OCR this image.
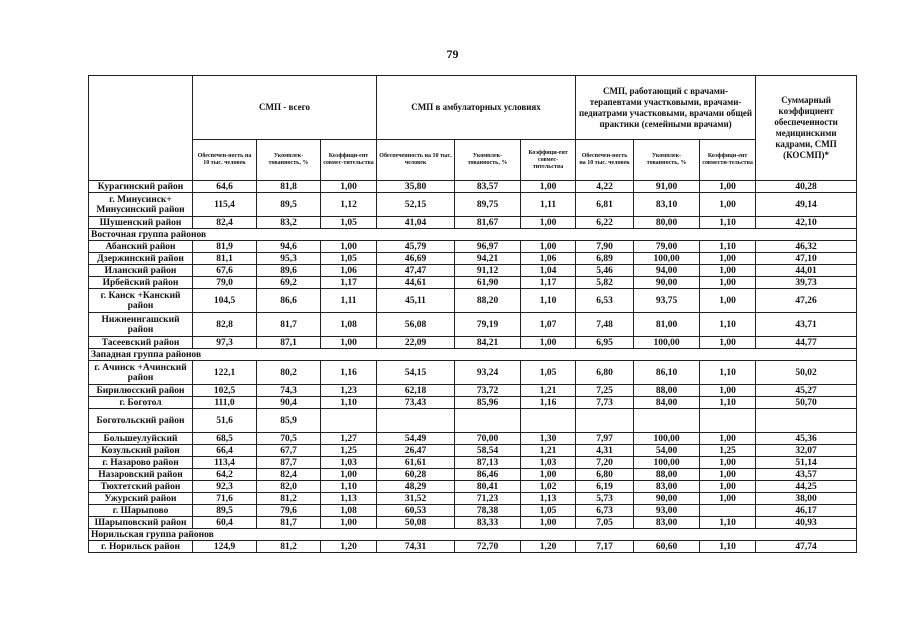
79
	СМП - всего			СМП в амбулаторных условиях			СМП, работающий с врачами-терапевтами участковыми, врачами-педиатрами участковыми, врачами общей практики (семейными врачами)			Суммарный коэффициент обеспеченности медицинскими кадрами, СМП (КОСМП)*
	Обеспечен-ность на 10 тыс. человек	Укомплек-тованность, %	Коэффици-ент совмес-тительства	Обеспеченность на 10 тыс. человек	Укомплек-тованность, %	Коэффици-ент совмес-тительства	Обеспечен-ность на 10 тыс. человек	Укомплек-тованность, %	Коэффици-ент совмести-тельства	
Курагинский район	64,6	81,8	1,00	35,80	83,57	1,00	4,22	91,00	1,00	40,28
г. Минусинск+ Минусинский район	115,4	89,5	1,12	52,15	89,75	1,11	6,81	83,10	1,00	49,14
Шушенский район	82,4	83,2	1,05	41,04	81,67	1,00	6,22	80,00	1,10	42,10
Восточная группа районов										
Абанский район	81,9	94,6	1,00	45,79	96,97	1,00	7,90	79,00	1,10	46,32
Дзержинский район	81,1	95,3	1,05	46,69	94,21	1,06	6,89	100,00	1,00	47,10
Иланский район	67,6	89,6	1,06	47,47	91,12	1,04	5,46	94,00	1,00	44,01
Ирбейский район	79,0	69,2	1,17	44,61	61,90	1,17	5,82	90,00	1,00	39,73
г. Канск +Канский район	104,5	86,6	1,11	45,11	88,20	1,10	6,53	93,75	1,00	47,26
Нижнеингашский район	82,8	81,7	1,08	56,08	79,19	1,07	7,48	81,00	1,10	43,71
Тасеевский район	97,3	87,1	1,00	22,09	84,21	1,00	6,95	100,00	1,00	44,77
Западная группа районов										
г. Ачинск +Ачинский район	122,1	80,2	1,16	54,15	93,24	1,05	6,80	86,10	1,10	50,02
Бирилюсский район	102,5	74,3	1,23	62,18	73,72	1,21	7,25	88,00	1,00	45,27
г. Боготол	111,0	90,4	1,10	73,43	85,96	1,16	7,73	84,00	1,10	50,70
Боготольский район	51,6	85,9								
Большеулуйский	68,5	70,5	1,27	54,49	70,00	1,30	7,97	100,00	1,00	45,36
Козульский район	66,4	67,7	1,25	26,47	58,54	1,21	4,31	54,00	1,25	32,07
г. Назарово район	113,4	87,7	1,03	61,61	87,13	1,03	7,20	100,00	1,00	51,14
Назаровский район	64,2	82,4	1,00	60,28	86,46	1,00	6,80	88,00	1,00	43,57
Тюхтетский район	92,3	82,0	1,10	48,29	80,41	1,02	6,19	83,00	1,00	44,25
Ужурский район	71,6	81,2	1,13	31,52	71,23	1,13	5,73	90,00	1,00	38,00
г. Шарыпово	89,5	79,6	1,08	60,53	78,38	1,05	6,73	93,00		46,17
Шарыповский район	60,4	81,7	1,00	50,08	83,33	1,00	7,05	83,00	1,10	40,93
Норильская группа районов										
г. Норильск район	124,9	81,2	1,20	74,31	72,70	1,20	7,17	60,60	1,10	47,74
